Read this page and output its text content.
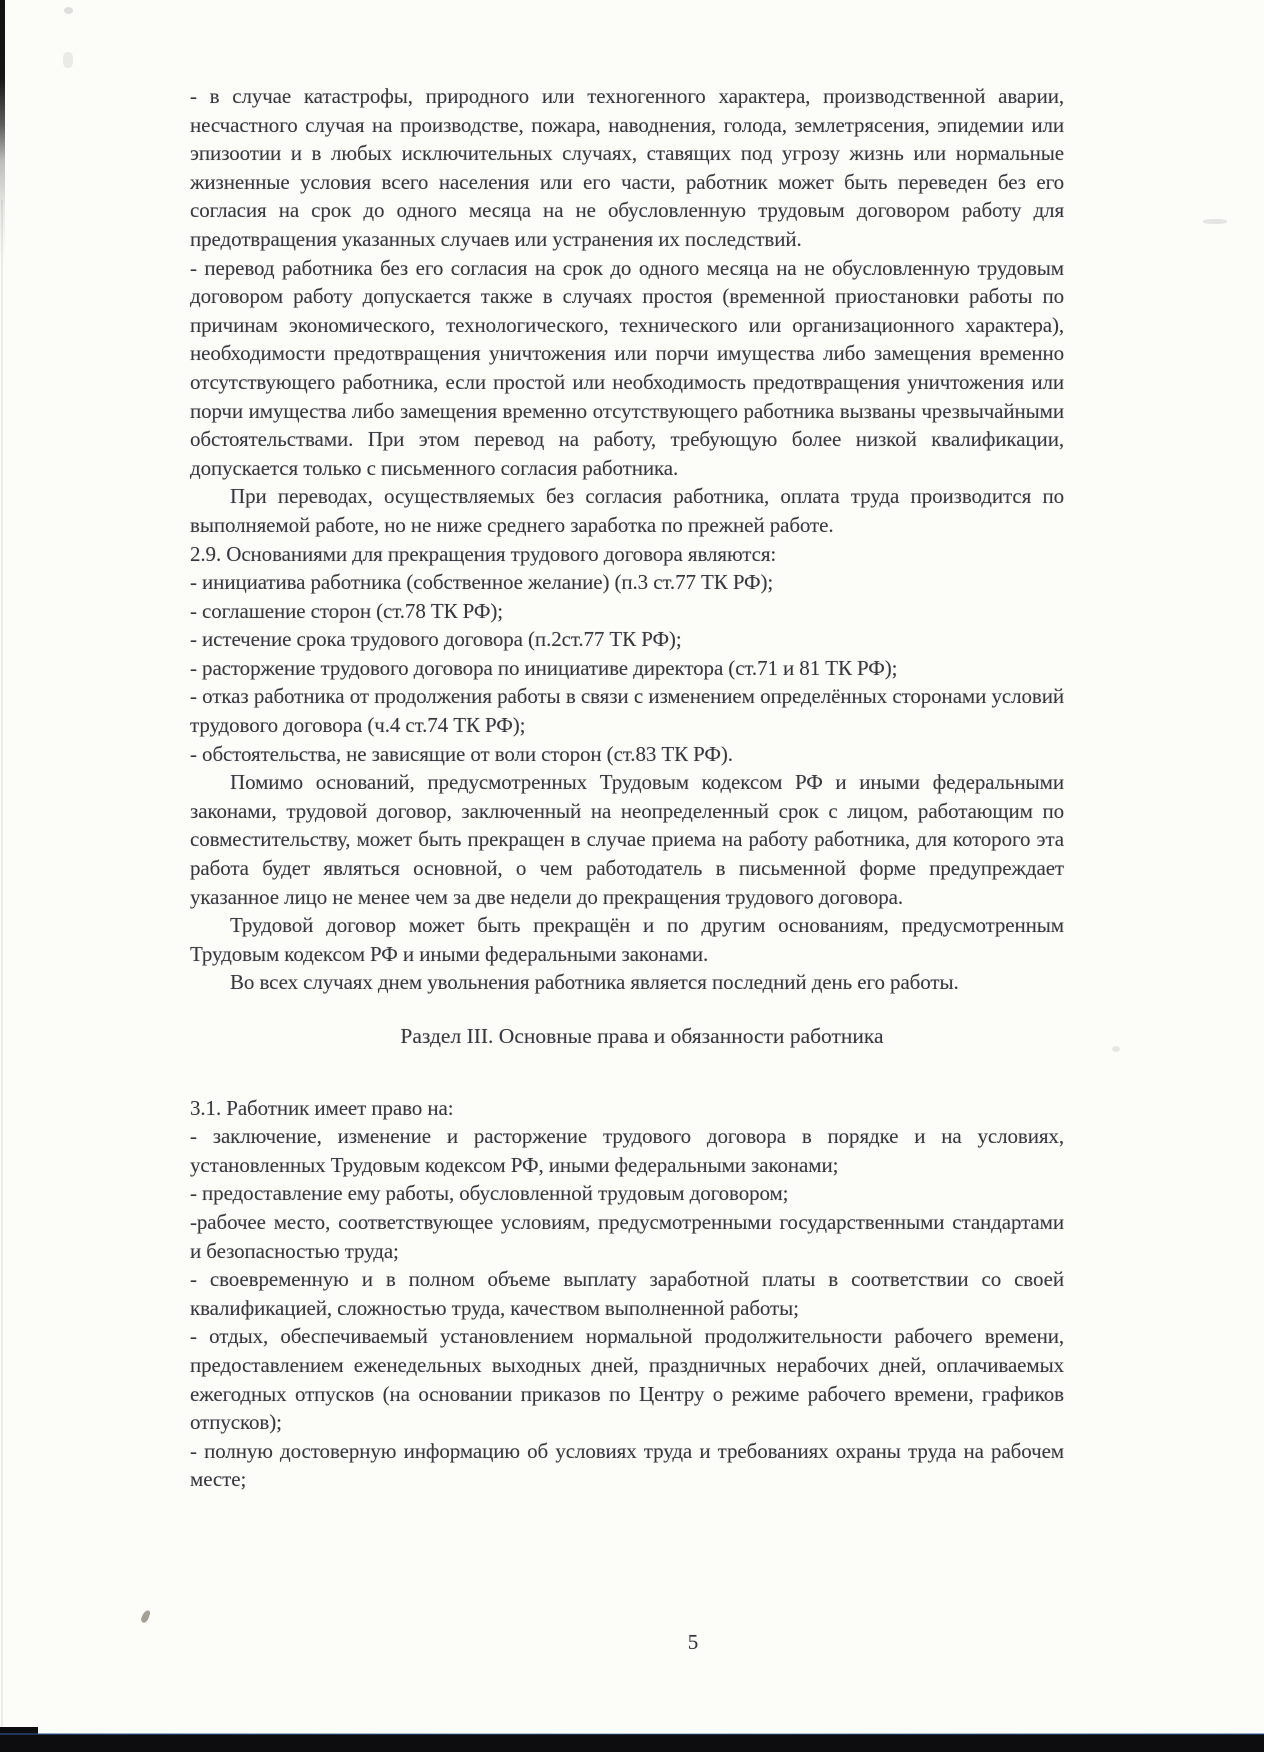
- в случае катастрофы, природного или техногенного характера, производственной аварии, несчастного случая на производстве, пожара, наводнения, голода, землетрясения, эпидемии или эпизоотии и в любых исключительных случаях, ставящих под угрозу жизнь или нормальные жизненные условия всего населения или его части, работник может быть переведен без его согласия на срок до одного месяца на не обусловленную трудовым договором работу для предотвращения указанных случаев или устранения их последствий.

- перевод работника без его согласия на срок до одного месяца на не обусловленную трудовым договором работу допускается также в случаях простоя (временной приостановки работы по причинам экономического, технологического, технического или организационного характера), необходимости предотвращения уничтожения или порчи имущества либо замещения временно отсутствующего работника, если простой или необходимость предотвращения уничтожения или порчи имущества либо замещения временно отсутствующего работника вызваны чрезвычайными обстоятельствами. При этом перевод на работу, требующую более низкой квалификации, допускается только с письменного согласия работника.

При переводах, осуществляемых без согласия работника, оплата труда производится по выполняемой работе, но не ниже среднего заработка по прежней работе.

2.9. Основаниями для прекращения трудового договора являются:

- инициатива работника (собственное желание) (п.3 ст.77 ТК РФ);

- соглашение сторон (ст.78 ТК РФ);

- истечение срока трудового договора (п.2ст.77 ТК РФ);

- расторжение трудового договора по инициативе директора (ст.71 и 81 ТК РФ);

- отказ работника от продолжения работы в связи с изменением определённых сторонами условий трудового договора (ч.4 ст.74 ТК РФ);

- обстоятельства, не зависящие от воли сторон (ст.83 ТК РФ).

Помимо оснований, предусмотренных Трудовым кодексом РФ и иными федеральными законами, трудовой договор, заключенный на неопределенный срок с лицом, работающим по совместительству, может быть прекращен в случае приема на работу работника, для которого эта работа будет являться основной, о чем работодатель в письменной форме предупреждает указанное лицо не менее чем за две недели до прекращения трудового договора.

Трудовой договор может быть прекращён и по другим основаниям, предусмотренным Трудовым кодексом РФ и иными федеральными законами.

Во всех случаях днем увольнения работника является последний день его работы.

Раздел III. Основные права и обязанности работника

3.1. Работник имеет право на:

- заключение, изменение и расторжение трудового договора в порядке и на условиях, установленных Трудовым кодексом РФ, иными федеральными законами;

- предоставление ему работы, обусловленной трудовым договором;

-рабочее место, соответствующее условиям, предусмотренными государственными стандартами и безопасностью труда;

- своевременную и в полном объеме выплату заработной платы в соответствии со своей квалификацией, сложностью труда, качеством выполненной работы;

- отдых, обеспечиваемый установлением нормальной продолжительности рабочего времени, предоставлением еженедельных выходных дней, праздничных нерабочих дней, оплачиваемых ежегодных отпусков (на основании приказов по Центру о режиме рабочего времени, графиков отпусков);

- полную достоверную информацию об условиях труда и требованиях охраны труда на рабочем месте;

5
